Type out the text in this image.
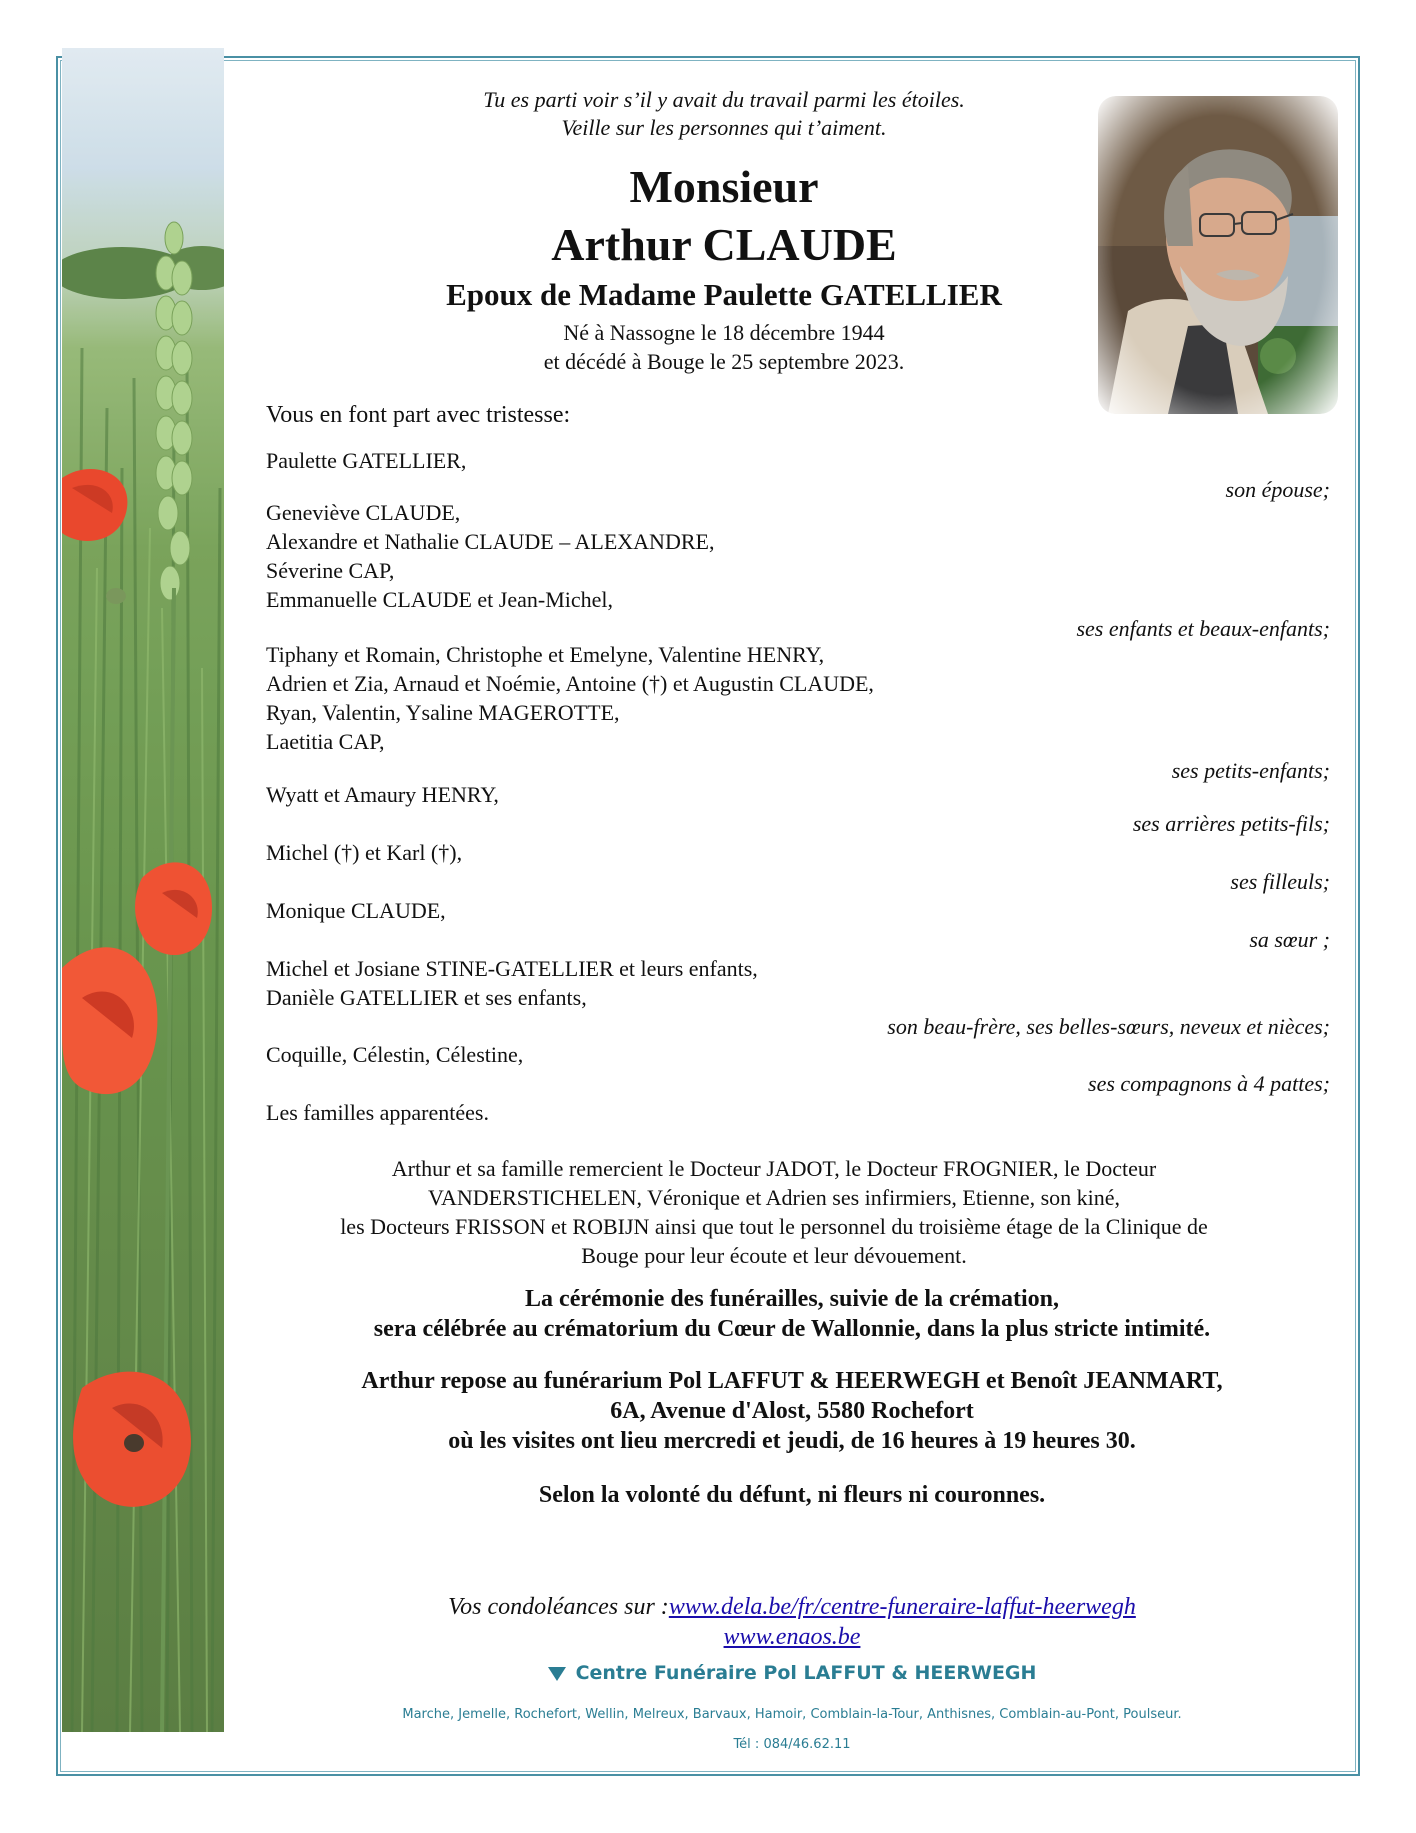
Tu es parti voir s’il y avait du travail parmi les étoiles.
Veille sur les personnes qui t’aiment.
Monsieur
Arthur CLAUDE
Epoux de Madame Paulette GATELLIER
Né à Nassogne le 18 décembre 1944
et décédé à Bouge le 25 septembre 2023.
Vous en font part avec tristesse:
Paulette GATELLIER,
son épouse;
Geneviève CLAUDE,
Alexandre et Nathalie CLAUDE – ALEXANDRE,
Séverine CAP,
Emmanuelle CLAUDE et Jean-Michel,
ses enfants et beaux-enfants;
Tiphany et Romain, Christophe et Emelyne, Valentine HENRY,
Adrien et Zia, Arnaud et Noémie, Antoine (†) et Augustin CLAUDE,
Ryan, Valentin, Ysaline MAGEROTTE,
Laetitia CAP,
ses petits-enfants;
Wyatt et Amaury HENRY,
ses arrières petits-fils;
Michel (†) et Karl (†),
ses filleuls;
Monique CLAUDE,
sa sœur ;
Michel et Josiane STINE-GATELLIER et leurs enfants,
Danièle GATELLIER et ses enfants,
son beau-frère, ses belles-sœurs, neveux et nièces;
Coquille, Célestin, Célestine,
ses compagnons à 4 pattes;
Les familles apparentées.
Arthur et sa famille remercient le Docteur JADOT, le Docteur FROGNIER, le Docteur
VANDERSTICHELEN, Véronique et Adrien ses infirmiers, Etienne, son kiné,
les Docteurs FRISSON et ROBIJN ainsi que tout le personnel du troisième étage de la Clinique de
Bouge pour leur écoute et leur dévouement.
La cérémonie des funérailles, suivie de la crémation,
sera célébrée au crématorium du Cœur de Wallonnie, dans la plus stricte intimité.
Arthur repose au funérarium Pol LAFFUT & HEERWEGH et Benoît JEANMART,
6A, Avenue d'Alost, 5580 Rochefort
où les visites ont lieu mercredi et jeudi, de 16 heures à 19 heures 30.
Selon la volonté du défunt, ni fleurs ni couronnes.
Vos condoléances sur :www.dela.be/fr/centre-funeraire-laffut-heerwegh
www.enaos.be
Centre Funéraire Pol LAFFUT & HEERWEGH
Marche, Jemelle, Rochefort, Wellin, Melreux, Barvaux, Hamoir, Comblain-la-Tour, Anthisnes, Comblain-au-Pont, Poulseur.
Tél : 084/46.62.11
